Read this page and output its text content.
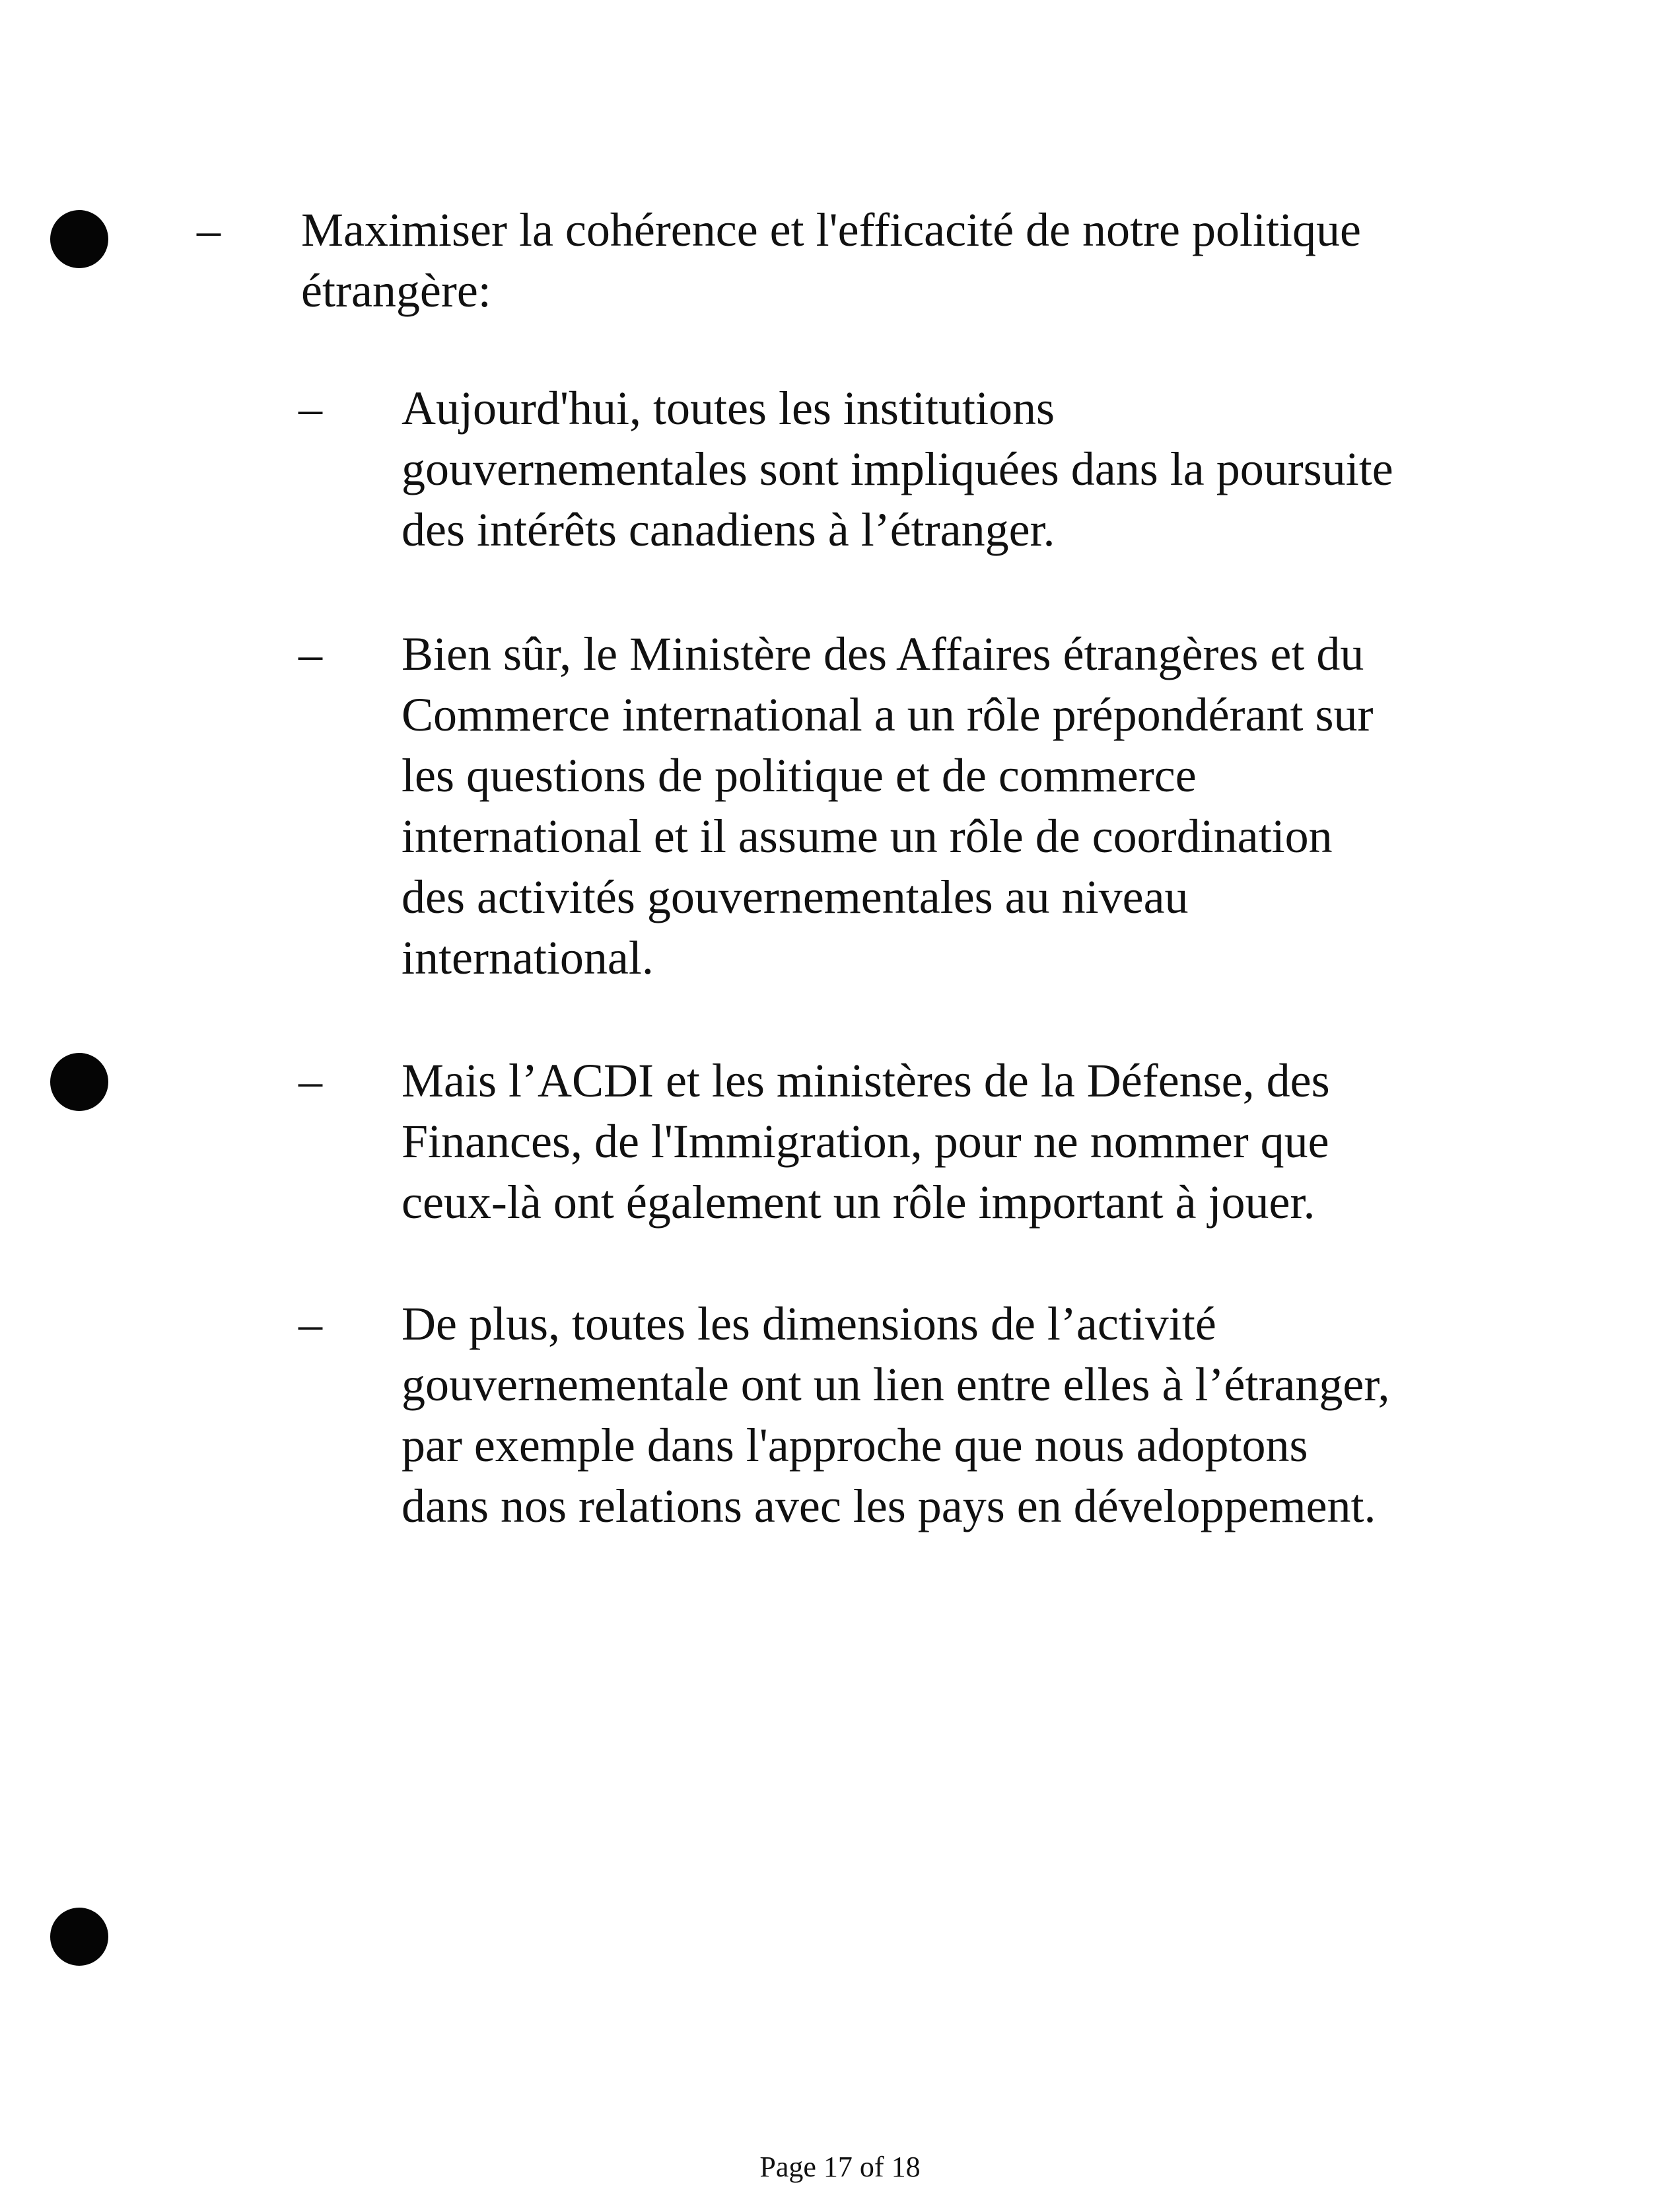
– Maximiser la cohérence et l'efficacité de notre politique
étrangère:
– Aujourd'hui, toutes les institutions
gouvernementales sont impliquées dans la poursuite
des intérêts canadiens à l’étranger.
– Bien sûr, le Ministère des Affaires étrangères et du
Commerce international a un rôle prépondérant sur
les questions de politique et de commerce
international et il assume un rôle de coordination
des activités gouvernementales au niveau
international.
– Mais l’ACDI et les ministères de la Défense, des
Finances, de l'Immigration, pour ne nommer que
ceux-là ont également un rôle important à jouer.
– De plus, toutes les dimensions de l’activité
gouvernementale ont un lien entre elles à l’étranger,
par exemple dans l'approche que nous adoptons
dans nos relations avec les pays en développement.
Page 17 of 18
